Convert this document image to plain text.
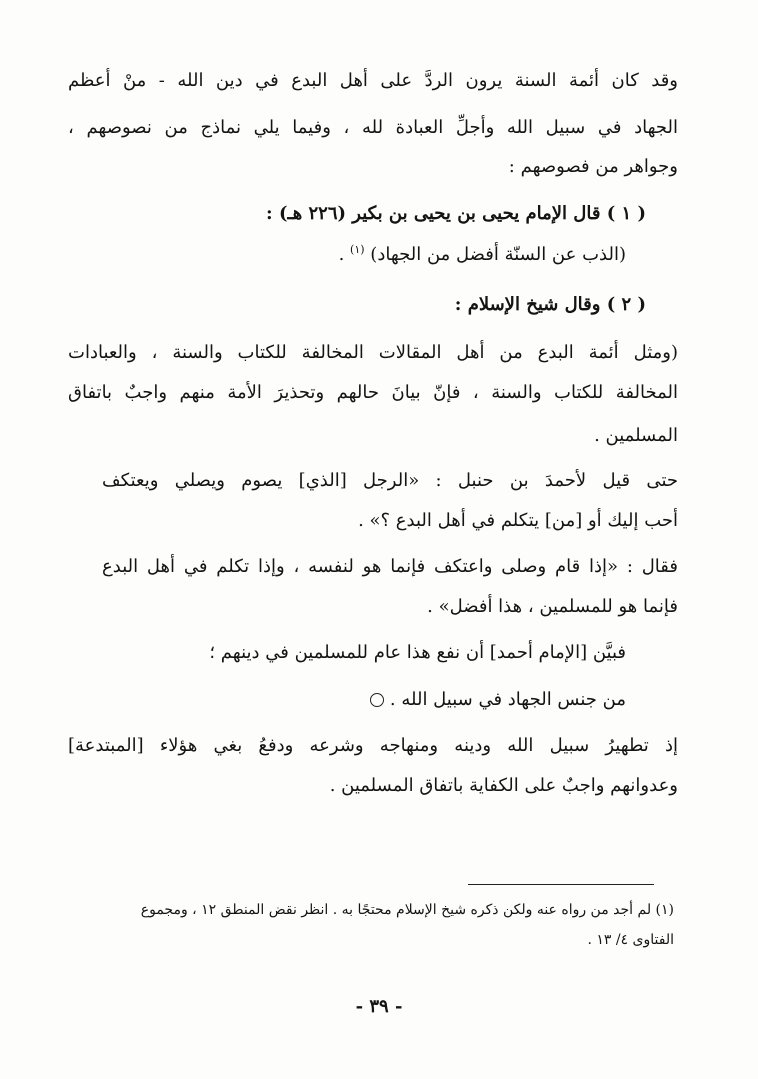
وقد كان أئمة السنة يرون الردَّ على أهل البدع في دين الله - منْ أعظم
الجهاد في سبيل الله وأجلِّ العبادة لله ، وفيما يلي نماذج من نصوصهم ،
وجواهر من فصوصهم :
( ١ ) قال الإمام يحيى بن يحيى بن بكير (٢٢٦ هـ) :
(الذب عن السنّة أفضل من الجهاد) $^{(١)}$ .
( ٢ ) وقال شيخ الإسلام :
(ومثل أئمة البدع من أهل المقالات المخالفة للكتاب والسنة ، والعبادات
المخالفة للكتاب والسنة ، فإنّ بيانَ حالهم وتحذيرَ الأمة منهم واجبٌ باتفاق
المسلمين .
حتى قيل لأحمدَ بن حنبل : «الرجل [الذي] يصوم ويصلي ويعتكف
أحب إليك أو [من] يتكلم في أهل البدع ؟» .
فقال : «إذا قام وصلى واعتكف فإنما هو لنفسه ، وإذا تكلم في أهل البدع
فإنما هو للمسلمين ، هذا أفضل» .
فبيَّن [الإمام أحمد] أن نفع هذا عام للمسلمين في دينهم ؛
من جنس الجهاد في سبيل الله .
إذ تطهيرُ سبيل الله ودينه ومنهاجه وشرعه ودفعُ بغي هؤلاء [المبتدعة]
وعدوانهم واجبٌ على الكفاية باتفاق المسلمين .
(١) لم أجد من رواه عنه ولكن ذكره شيخ الإسلام محتجًا به . انظر نقض المنطق ١٢ ، ومجموع
الفتاوى ٤/ ١٣ .
- ٣٩ -
